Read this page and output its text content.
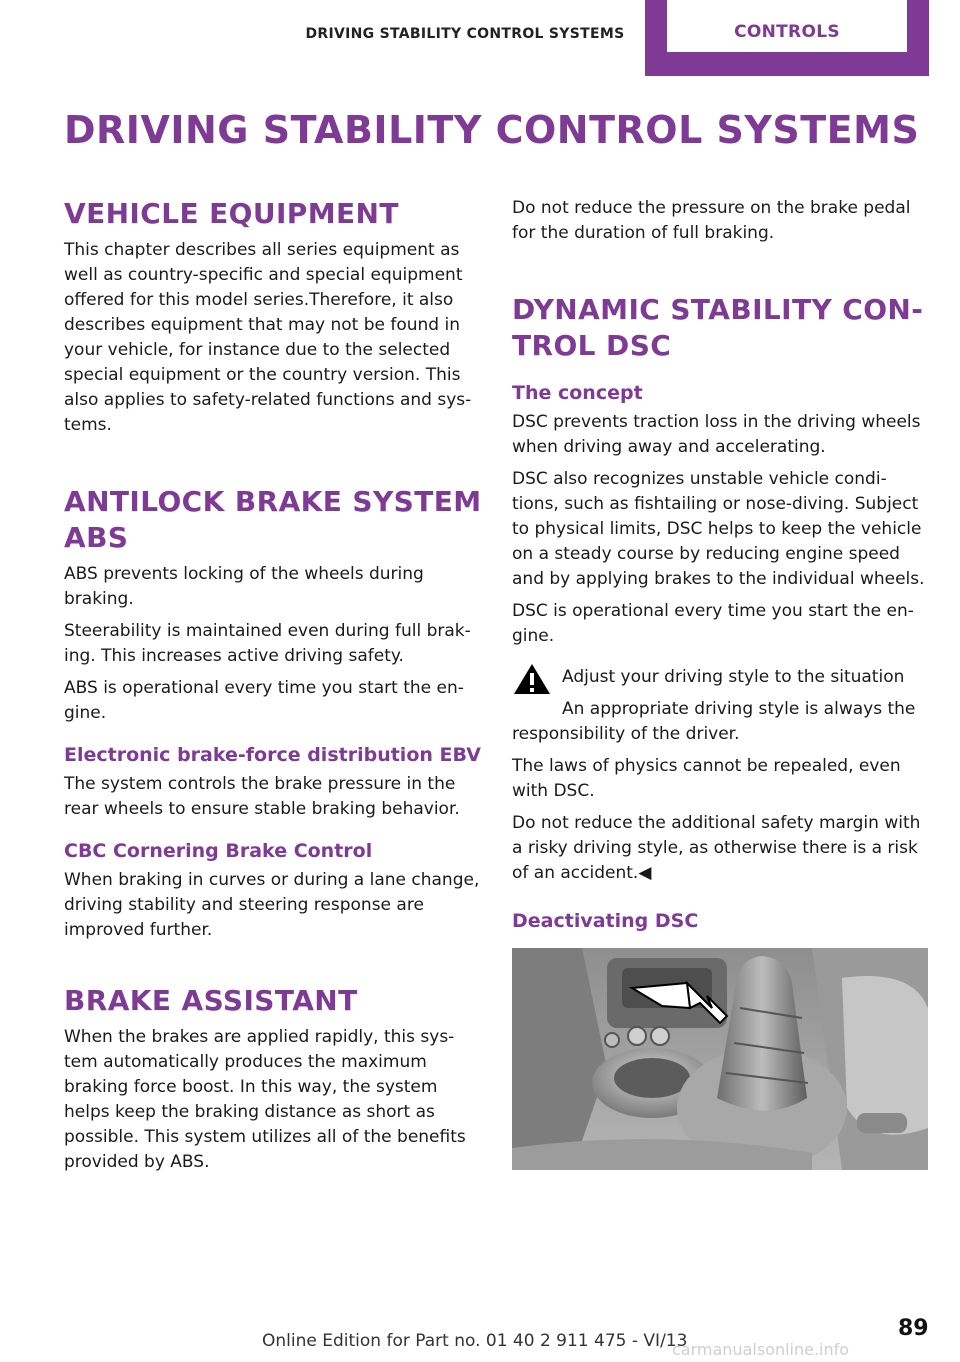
DRIVING STABILITY CONTROL SYSTEMS	CONTROLS
DRIVING STABILITY CONTROL SYSTEMS
VEHICLE EQUIPMENT

This chapter describes all series equipment as well as country-specific and special equipment offered for this model series.Therefore, it also describes equipment that may not be found in your vehicle, for instance due to the selected special equipment or the country version. This also applies to safety-related functions and sys‐tems.

ANTILOCK BRAKE SYSTEM ABS

ABS prevents locking of the wheels during braking.

Steerability is maintained even during full brak‐ing. This increases active driving safety.

ABS is operational every time you start the en‐gine.

Electronic brake-force distribution EBV

The system controls the brake pressure in the rear wheels to ensure stable braking behavior.

CBC Cornering Brake Control

When braking in curves or during a lane change, driving stability and steering response are improved further.

BRAKE ASSISTANT

When the brakes are applied rapidly, this sys‐tem automatically produces the maximum braking force boost. In this way, the system helps keep the braking distance as short as possible. This system utilizes all of the benefits provided by ABS.

Do not reduce the pressure on the brake pedal for the duration of full braking.

DYNAMIC STABILITY CON‐
TROL DSC
The concept

DSC prevents traction loss in the driving wheels when driving away and accelerating.

DSC also recognizes unstable vehicle condi‐tions, such as fishtailing or nose-diving. Subject to physical limits, DSC helps to keep the vehicle on a steady course by reducing engine speed and by applying brakes to the individual wheels.

DSC is operational every time you start the en‐gine.

Adjust your driving style to the situation

An appropriate driving style is always the responsibility of the driver.

The laws of physics cannot be repealed, even with DSC.

Do not reduce the additional safety margin with a risky driving style, as otherwise there is a risk of an accident.◀

Deactivating DSC
Online Edition for Part no. 01 40 2 911 475 - VI/13	89
carmanualsonline.info
